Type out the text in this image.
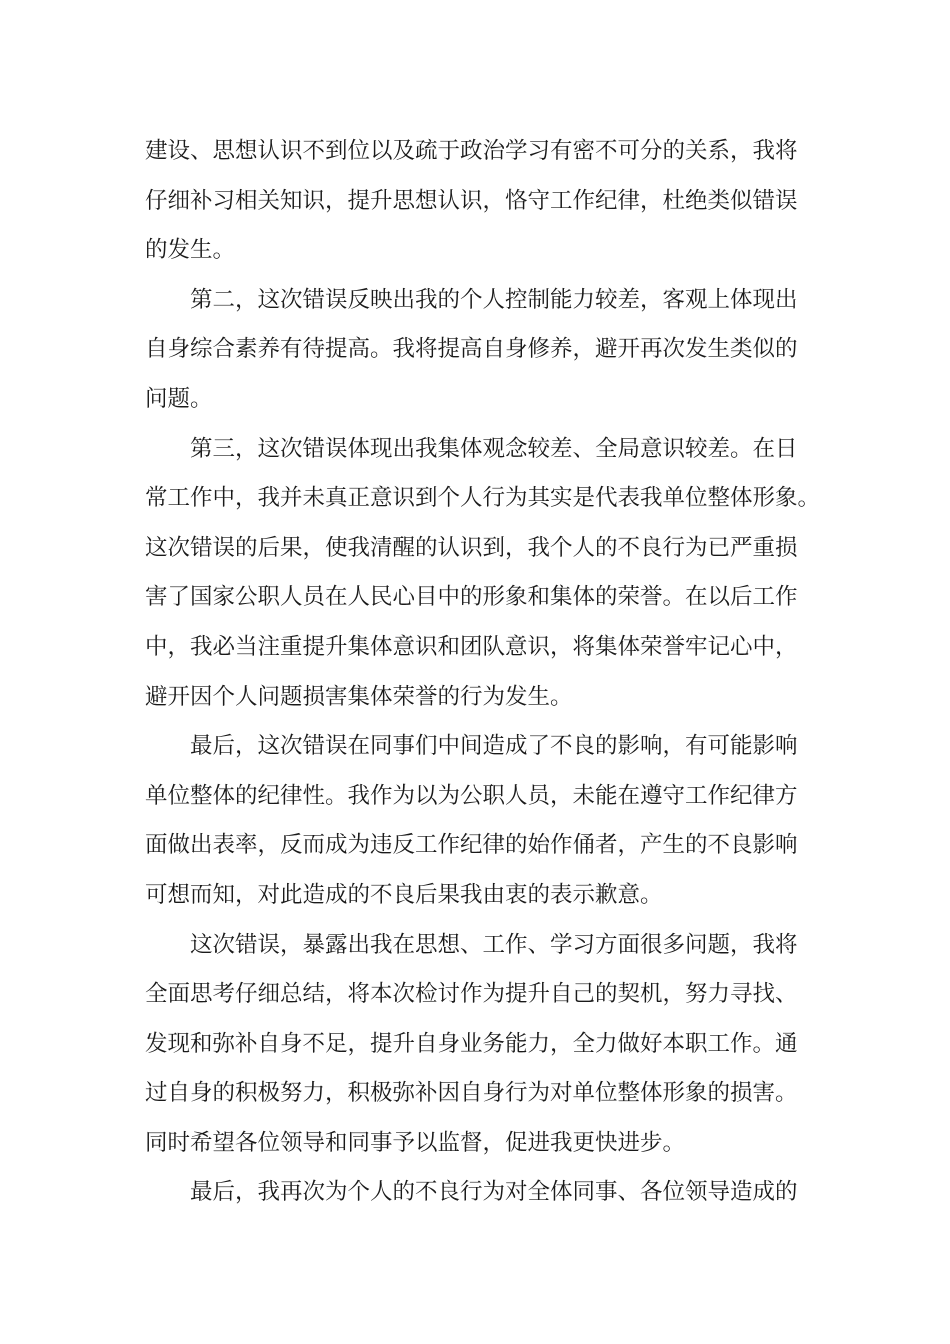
建设、思想认识不到位以及疏于政治学习有密不可分的关系，我将
仔细补习相关知识，提升思想认识，恪守工作纪律，杜绝类似错误
的发生。
第二，这次错误反映出我的个人控制能力较差，客观上体现出
自身综合素养有待提高。我将提高自身修养，避开再次发生类似的
问题。
第三，这次错误体现出我集体观念较差、全局意识较差。在日
常工作中，我并未真正意识到个人行为其实是代表我单位整体形象。
这次错误的后果，使我清醒的认识到，我个人的不良行为已严重损
害了国家公职人员在人民心目中的形象和集体的荣誉。在以后工作
中，我必当注重提升集体意识和团队意识，将集体荣誉牢记心中，
避开因个人问题损害集体荣誉的行为发生。
最后，这次错误在同事们中间造成了不良的影响，有可能影响
单位整体的纪律性。我作为以为公职人员，未能在遵守工作纪律方
面做出表率，反而成为违反工作纪律的始作俑者，产生的不良影响
可想而知，对此造成的不良后果我由衷的表示歉意。
这次错误，暴露出我在思想、工作、学习方面很多问题，我将
全面思考仔细总结，将本次检讨作为提升自己的契机，努力寻找、
发现和弥补自身不足，提升自身业务能力，全力做好本职工作。通
过自身的积极努力，积极弥补因自身行为对单位整体形象的损害。
同时希望各位领导和同事予以监督，促进我更快进步。
最后，我再次为个人的不良行为对全体同事、各位领导造成的
